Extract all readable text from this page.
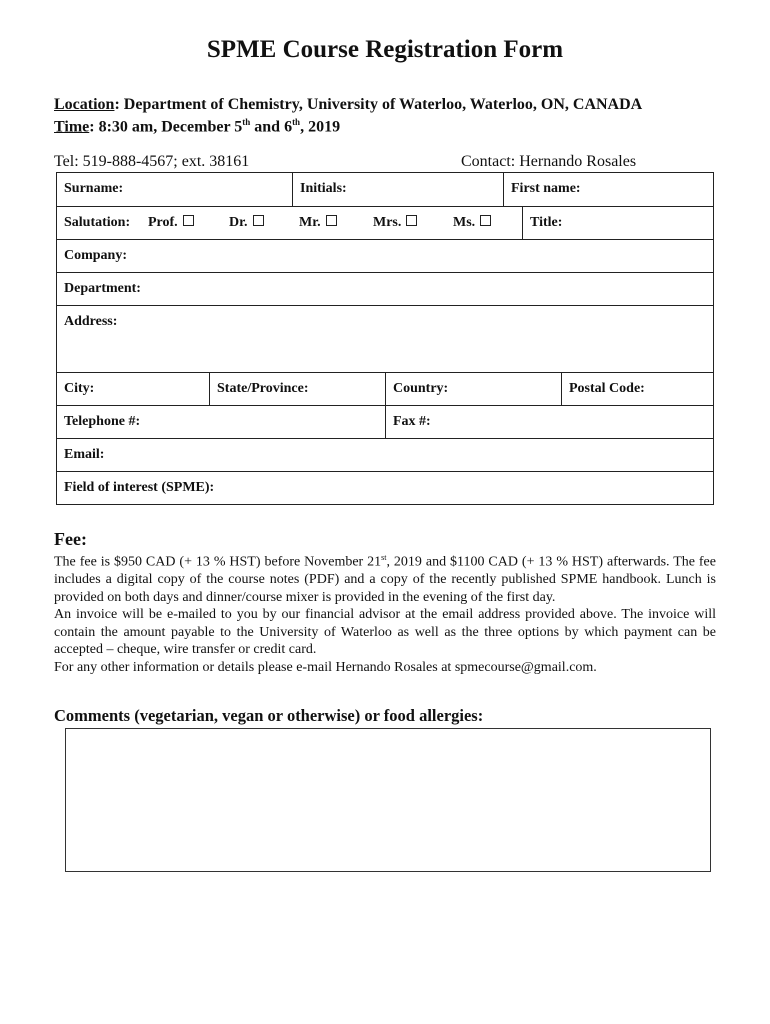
SPME Course Registration Form
Location: Department of Chemistry, University of Waterloo, Waterloo, ON, CANADA
Time: 8:30 am, December 5th and 6th, 2019
Tel: 519-888-4567; ext. 38161	Contact: Hernando Rosales
Surname:	Initials:	First name:
Salutation:	Prof.	Dr.	Mr.	Mrs.	Ms.	Title:
Company:
Department:
Address:
City:	State/Province:	Country:	Postal Code:
Telephone #:	Fax #:
Email:
Field of interest (SPME):
Fee:

The fee is $950 CAD (+ 13 % HST) before November 21st, 2019 and $1100 CAD (+ 13 % HST) afterwards. The fee includes a digital copy of the course notes (PDF) and a copy of the recently published SPME handbook. Lunch is provided on both days and dinner/course mixer is provided in the evening of the first day.

An invoice will be e-mailed to you by our financial advisor at the email address provided above. The invoice will contain the amount payable to the University of Waterloo as well as the three options by which payment can be accepted – cheque, wire transfer or credit card.

For any other information or details please e-mail Hernando Rosales at spmecourse@gmail.com.

Comments (vegetarian, vegan or otherwise) or food allergies:
